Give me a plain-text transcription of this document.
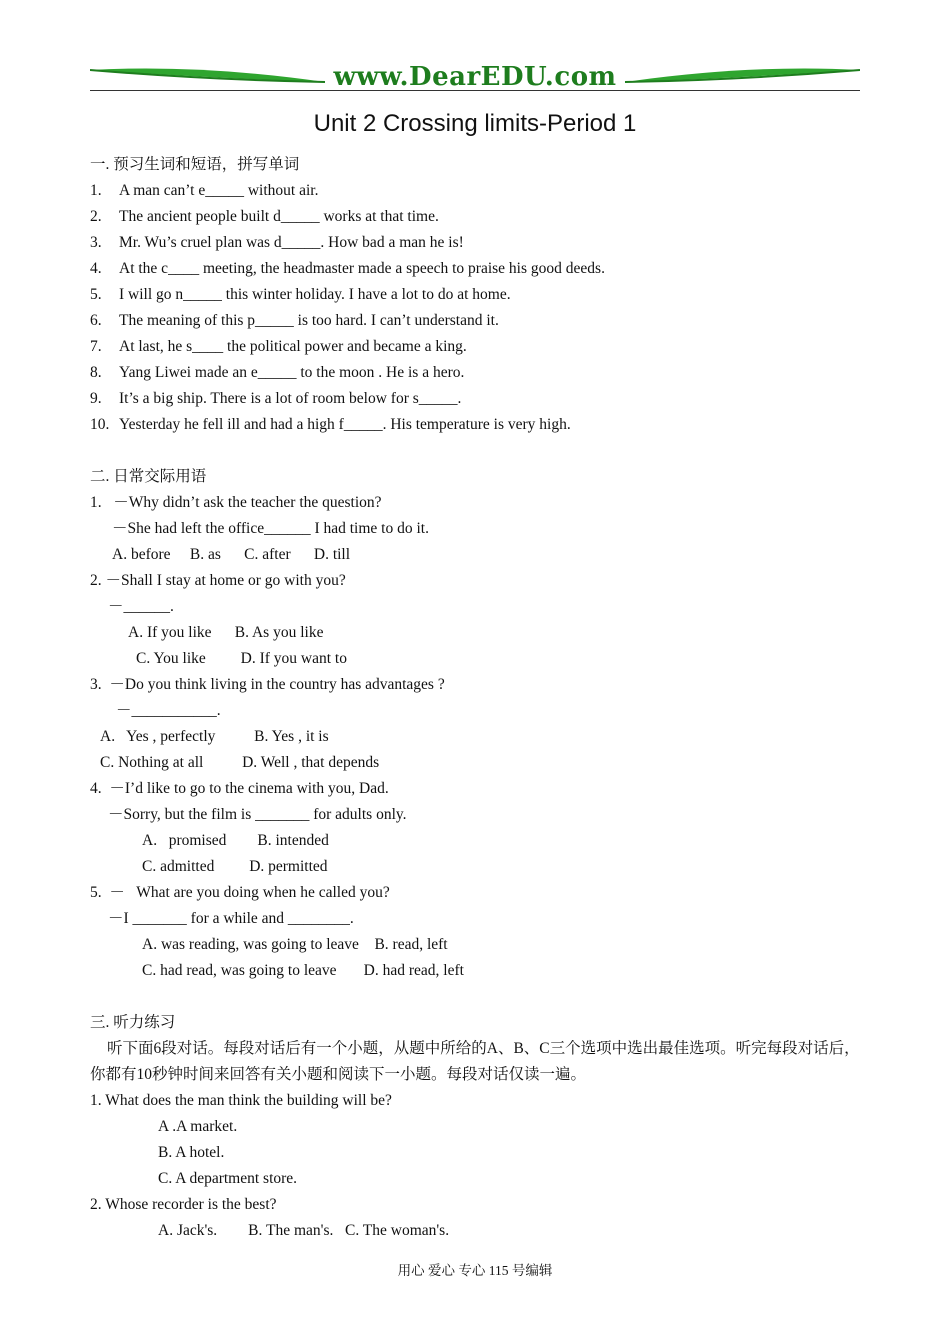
www.DearEDU.com
Unit 2 Crossing limits-Period 1
一. 预习生词和短语，拼写单词
1. A man can’t e_____ without air.
2. The ancient people built d_____ works at that time.
3. Mr. Wu’s cruel plan was d_____. How bad a man he is!
4. At the c____ meeting, the headmaster made a speech to praise his good deeds.
5. I will go n_____ this winter holiday. I have a lot to do at home.
6. The meaning of this p_____ is too hard. I can’t understand it.
7. At last, he s____ the political power and became a king.
8. Yang Liwei made an e_____ to the moon . He is a hero.
9. It’s a big ship. There is a lot of room below for s_____.
10. Yesterday he fell ill and had a high f_____. His temperature is very high.
二. 日常交际用语
1.   －Why didn’t ask the teacher the question?
－She had left the office______ I had time to do it.
A. before     B. as      C. after      D. till
2. －Shall I stay at home or go with you?
－______.
A. If you like      B. As you like
C. You like         D. If you want to
3.  －Do you think living in the country has advantages ?
－___________.
A.   Yes , perfectly          B. Yes , it is
C. Nothing at all          D. Well , that depends
4.  －I’d like to go to the cinema with you, Dad.
－Sorry, but the film is _______ for adults only.
A.   promised        B. intended
C. admitted         D. permitted
5.  －   What are you doing when he called you?
－I _______ for a while and ________.
A. was reading, was going to leave    B. read, left
C. had read, was going to leave       D. had read, left
三. 听力练习
听下面6段对话。每段对话后有一个小题，从题中所给的A、B、C三个选项中选出最佳选项。听完每段对话后，你都有10秒钟时间来回答有关小题和阅读下一小题。每段对话仅读一遍。
1. What does the man think the building will be?
A .A market.
B. A hotel.
C. A department store.
2. Whose recorder is the best?
A. Jack's.        B. The man's.   C. The woman's.
用心 爱心 专心 115 号编辑
